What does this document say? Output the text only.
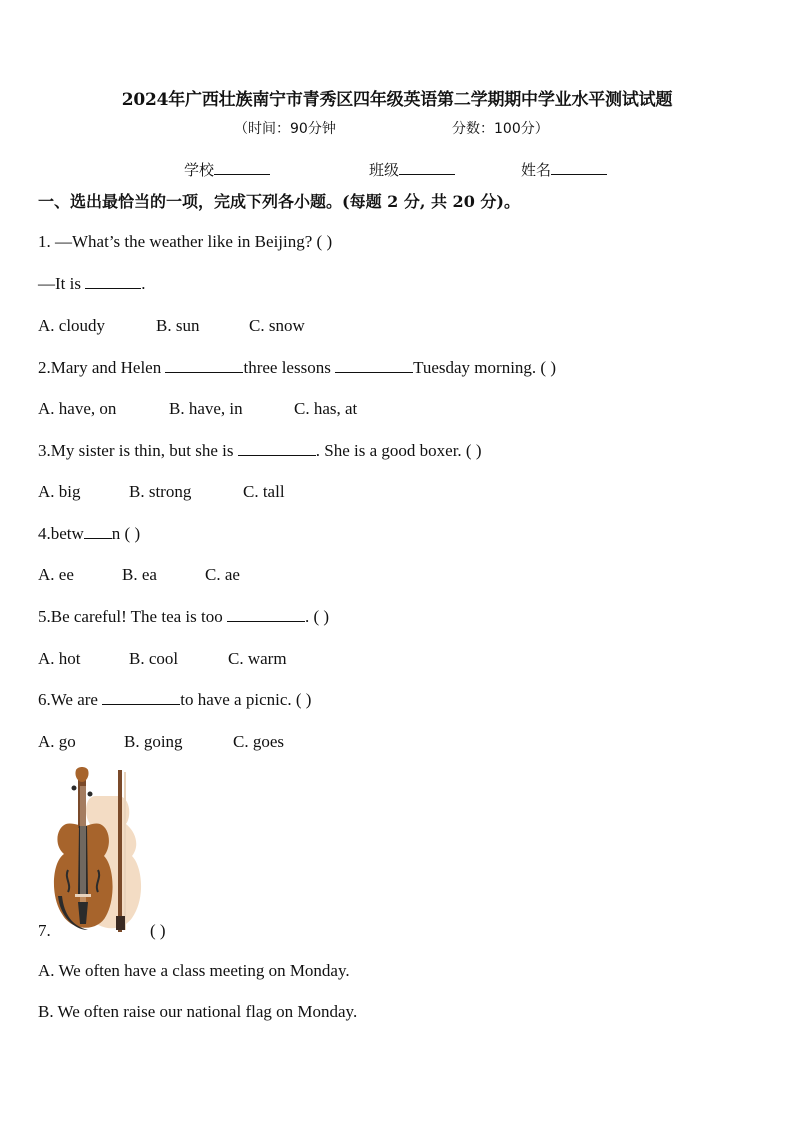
2024年广西壮族南宁市青秀区四年级英语第二学期期中学业水平测试试题
（时间：90分钟	分数：100分）
学校	班级	姓名
一、选出最恰当的一项，完成下列各小题。(每题 2 分, 共 20 分)。
1. —What’s the weather like in Beijing? ( )
—It is	.
A. cloudy	B. sun	C. snow
2.Mary and Helen	three lessons	Tuesday morning. ( )
A. have, on	B. have, in	C. has, at
3.My sister is thin, but she is	. She is a good boxer. ( )
A. big	B. strong	C. tall
4.betw n ( )
A. ee	B. ea	C. ae
5.Be careful! The tea is too	. ( )
A. hot	B. cool	C. warm
6.We are	to have a picnic. ( )
A. go	B. going	C. goes
7.	( )
A. We often have a class meeting on Monday.
B. We often raise our national flag on Monday.
